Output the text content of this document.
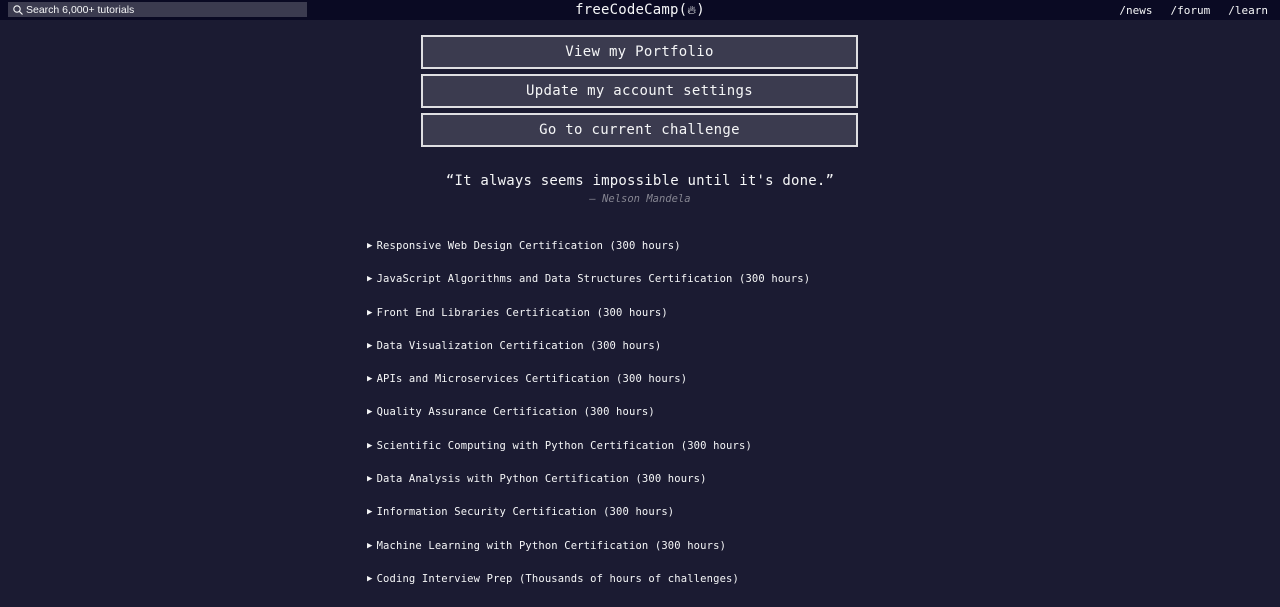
Search 6,000+ tutorials
freeCodeCamp ( 🔥︎ )	/news /forum /learn
View my Portfolio
Update my account settings
Go to current challenge
“It always seems impossible until it's done.”
— Nelson Mandela
▶ Responsive Web Design Certification (300 hours)
▶ JavaScript Algorithms and Data Structures Certification (300 hours)
▶ Front End Libraries Certification (300 hours)
▶ Data Visualization Certification (300 hours)
▶ APIs and Microservices Certification (300 hours)
▶ Quality Assurance Certification (300 hours)
▶ Scientific Computing with Python Certification (300 hours)
▶ Data Analysis with Python Certification (300 hours)
▶ Information Security Certification (300 hours)
▶ Machine Learning with Python Certification (300 hours)
▶ Coding Interview Prep (Thousands of hours of challenges)
